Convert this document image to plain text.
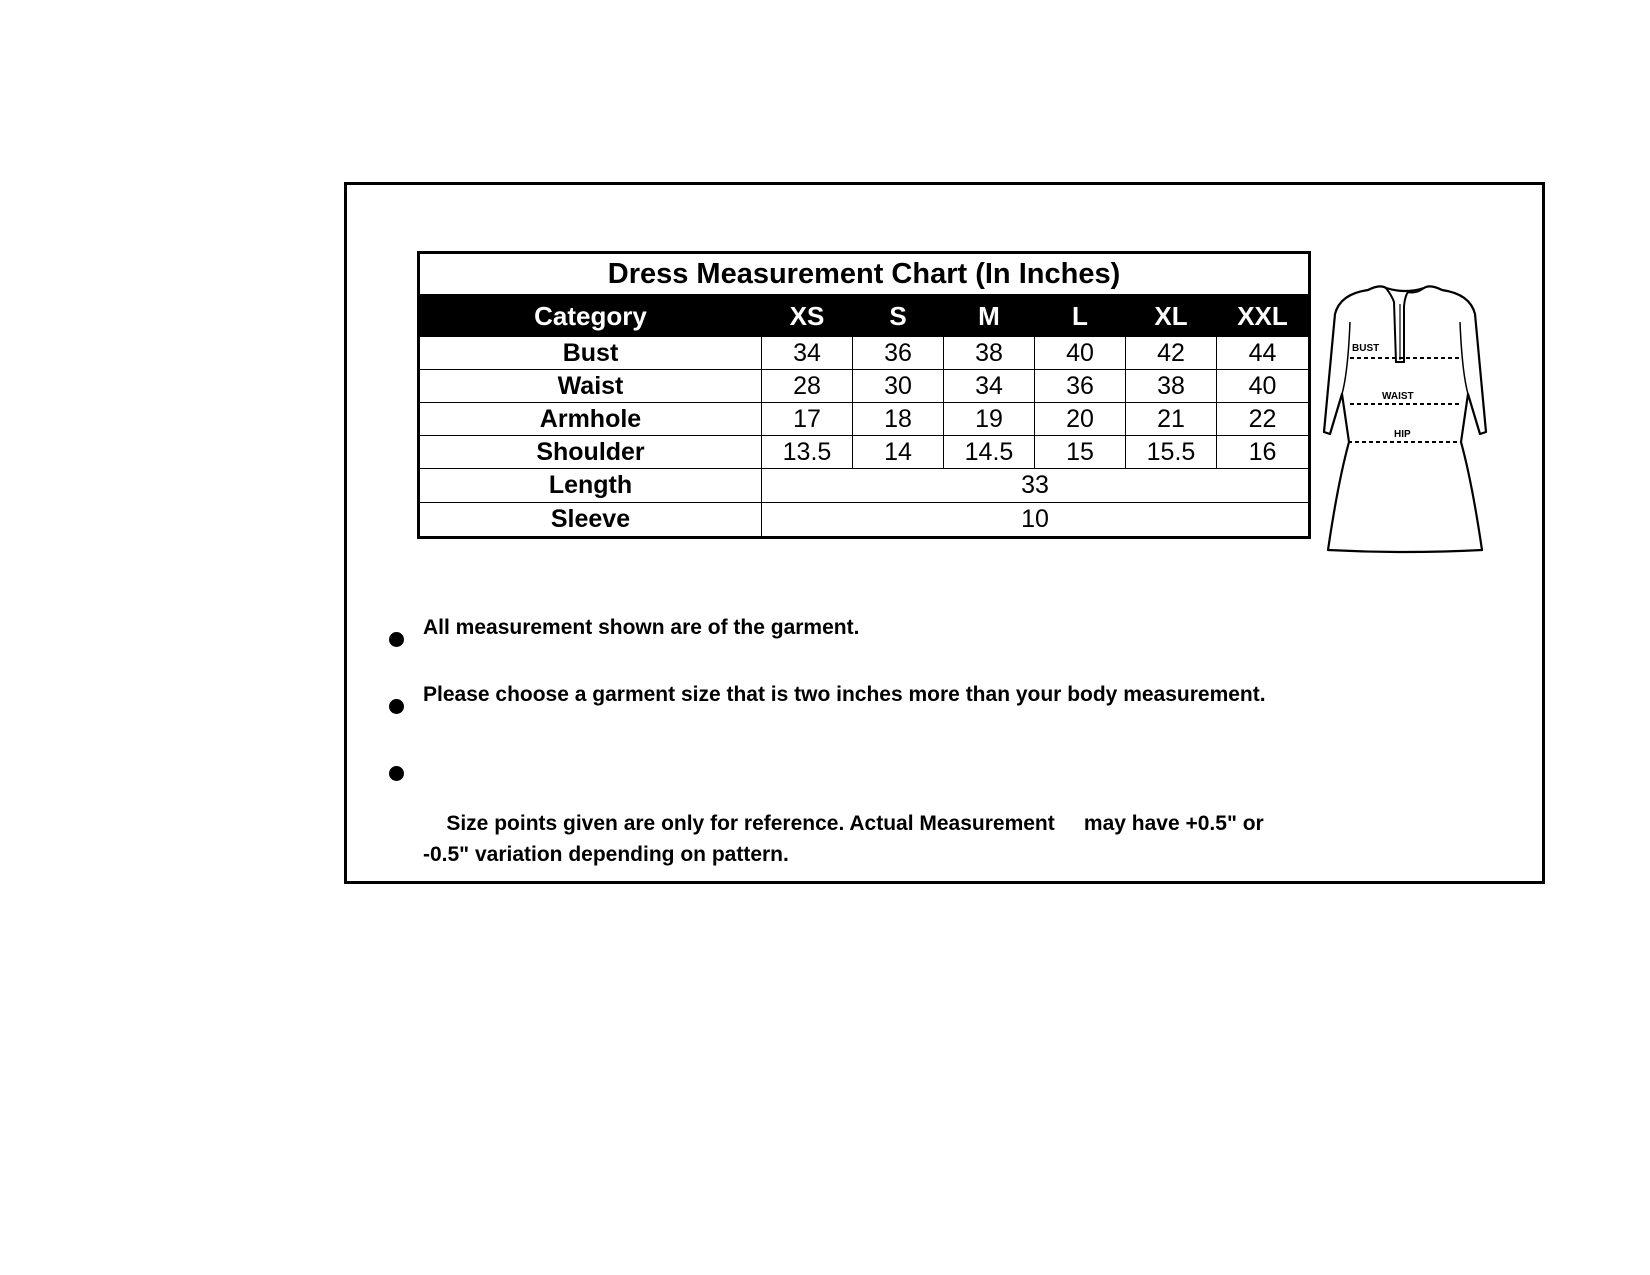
Dress Measurement Chart (In Inches)						
Category	XS	S	M	L	XL	XXL
Bust	34	36	38	40	42	44
Waist	28	30	34	36	38	40
Armhole	17	18	19	20	21	22
Shoulder	13.5	14	14.5	15	15.5	16
Length	33					
Sleeve	10					
BUST
WAIST
HIP
All measurement shown are of the garment.
Please choose a garment size that is two inches more than your body measurement.

Size points given are only for reference. Actual Measurement     may have +0.5" or -0.5" variation depending on pattern.
